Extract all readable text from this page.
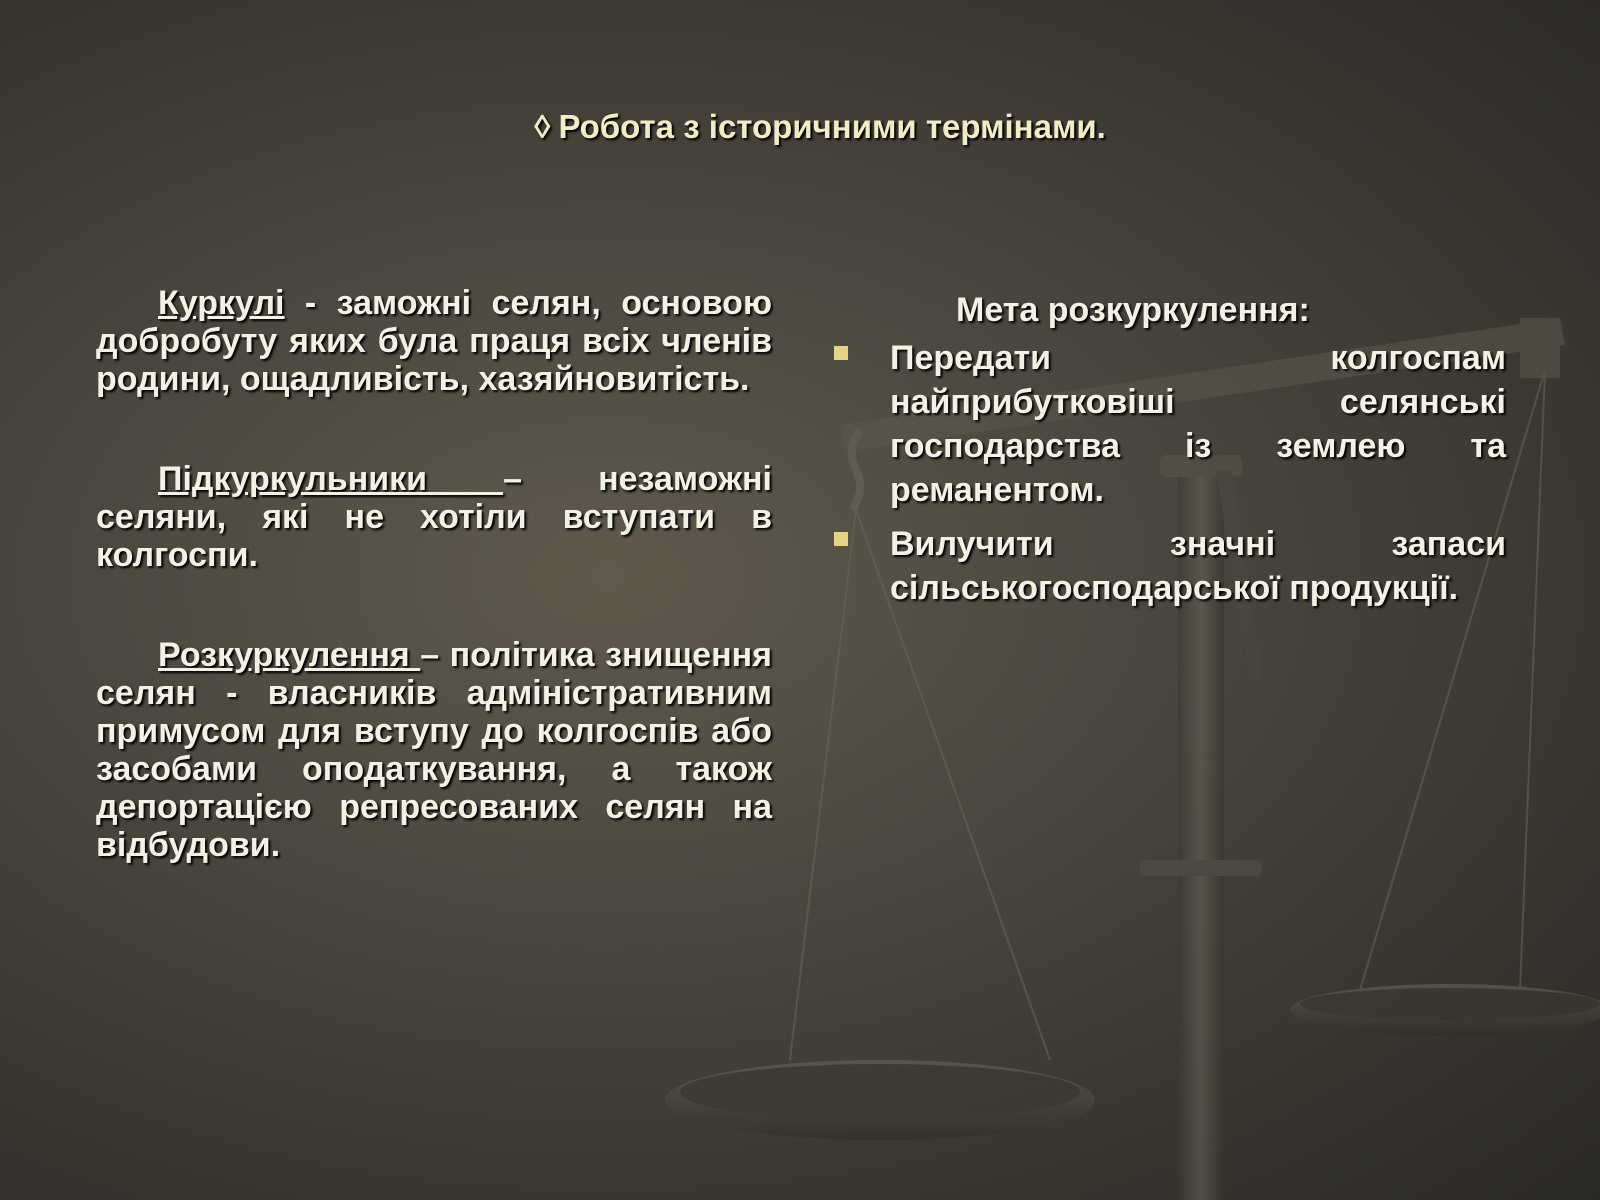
◊ Робота з історичними термінами.

Куркулі - заможні селян, основою добробуту яких була праця всіх членів родини, ощадливість, хазяйновитість.

Підкуркульники – незаможні селяни, які не хотіли вступати в колгоспи.

Розкуркулення – політика знищення селян - власників адміністративним примусом для вступу до колгоспів або засобами оподаткування, а також депортацією репресованих селян на відбудови.

Мета розкуркулення:
Передати колгоспам найприбутковіші селянські господарства із землею та реманентом.
Вилучити значні запаси сільськогосподарської продукції.
